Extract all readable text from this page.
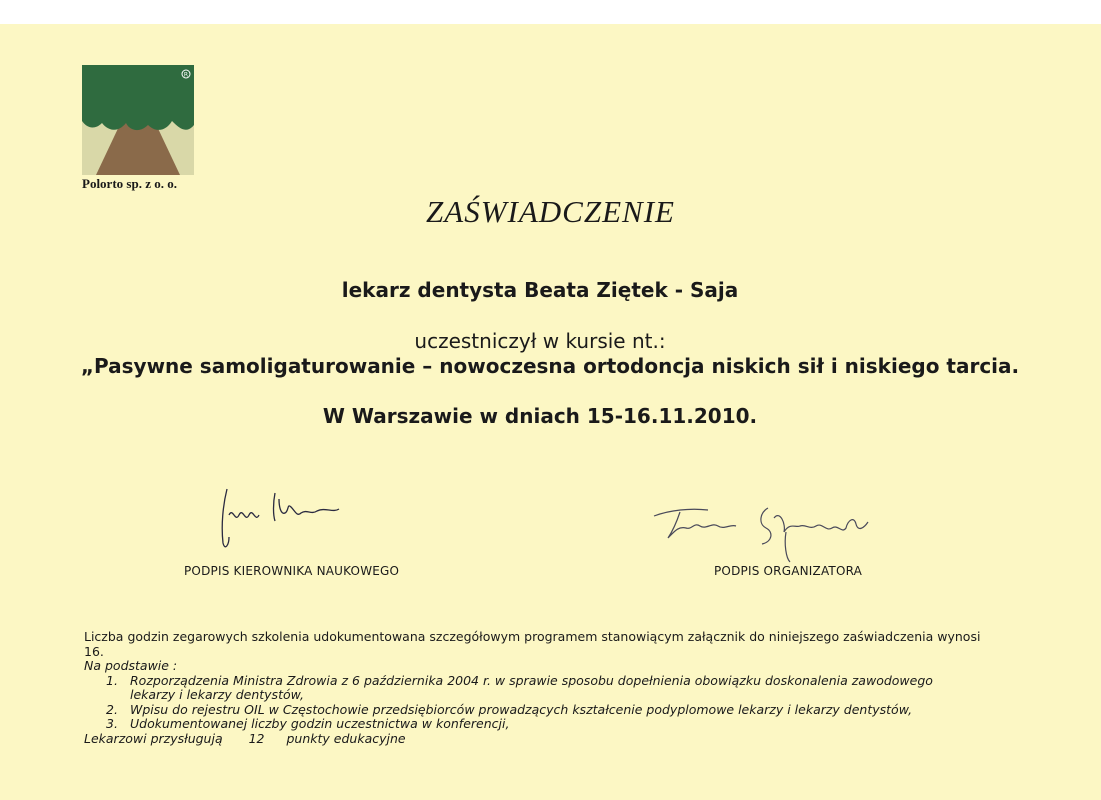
R
Polorto sp. z o. o.
ZAŚWIADCZENIE
lekarz dentysta Beata Ziętek - Saja
uczestniczył w kursie nt.:
„Pasywne samoligaturowanie – nowoczesna ortodoncja niskich sił i niskiego tarcia.
W Warszawie w dniach 15-16.11.2010.
PODPIS KIEROWNIKA NAUKOWEGO	PODPIS ORGANIZATORA

Liczba godzin zegarowych szkolenia udokumentowana szczegółowym programem stanowiącym załącznik do niniejszego zaświadczenia wynosi 16.

Na podstawie :

1. Rozporządzenia Ministra Zdrowia z 6 października 2004 r. w sprawie sposobu dopełnienia obowiązku doskonalenia zawodowego

lekarzy i lekarzy dentystów,

2. Wpisu do rejestru OIL w Częstochowie przedsiębiorców prowadzących kształcenie podyplomowe lekarzy i lekarzy dentystów,

3. Udokumentowanej liczby godzin uczestnictwa w konferencji,

Lekarzowi przysługują 12 punkty edukacyjne
